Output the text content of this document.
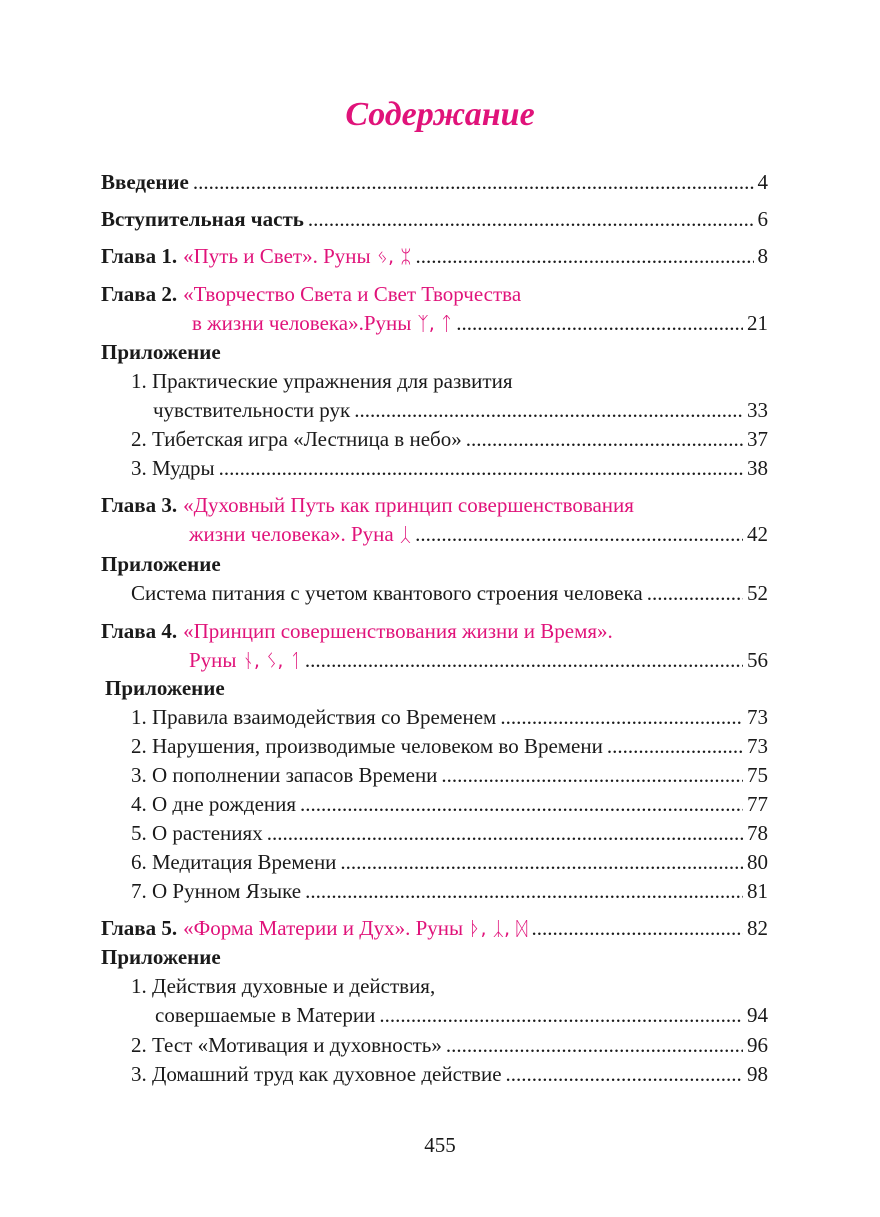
Содержание
Введение .....	4
Вступительная часть .....	6
Глава 1. «Путь и Свет». Руны ᛃ, ᛯ .....	8
Глава 2. «Творчество Света и Свет Творчества
в жизни человека».Руны ᛉ, ᛏ .....	21
Приложение
1. Практические упражнения для развития
чувствительности рук .....	33
2. Тибетская игра «Лестница в небо» .....	37
3. Мудры .....	38
Глава 3. «Духовный Путь как принцип совершенствования
жизни человека». Руна ᛸ .....	42
Приложение
Система питания с учетом квантового строения человека .....	52
Глава 4. «Принцип совершенствования жизни и Время».
Руны ᚾ, ᛊ, ᛐ .....	56
Приложение
1. Правила взаимодействия со Временем .....	73
2. Нарушения, производимые человеком во Времени .....	73
3. О пополнении запасов Времени .....	75
4. О дне рождения .....	77
5. О растениях .....	78
6. Медитация Времени .....	80
7. О Рунном Языке .....	81
Глава 5. «Форма Материи и Дух». Руны ᚦ, ᛣ, ᛞ .....	82
Приложение
1. Действия духовные и действия,
совершаемые в Материи .....	94
2. Тест «Мотивация и духовность» .....	96
3. Домашний труд как духовное действие .....	98
455
